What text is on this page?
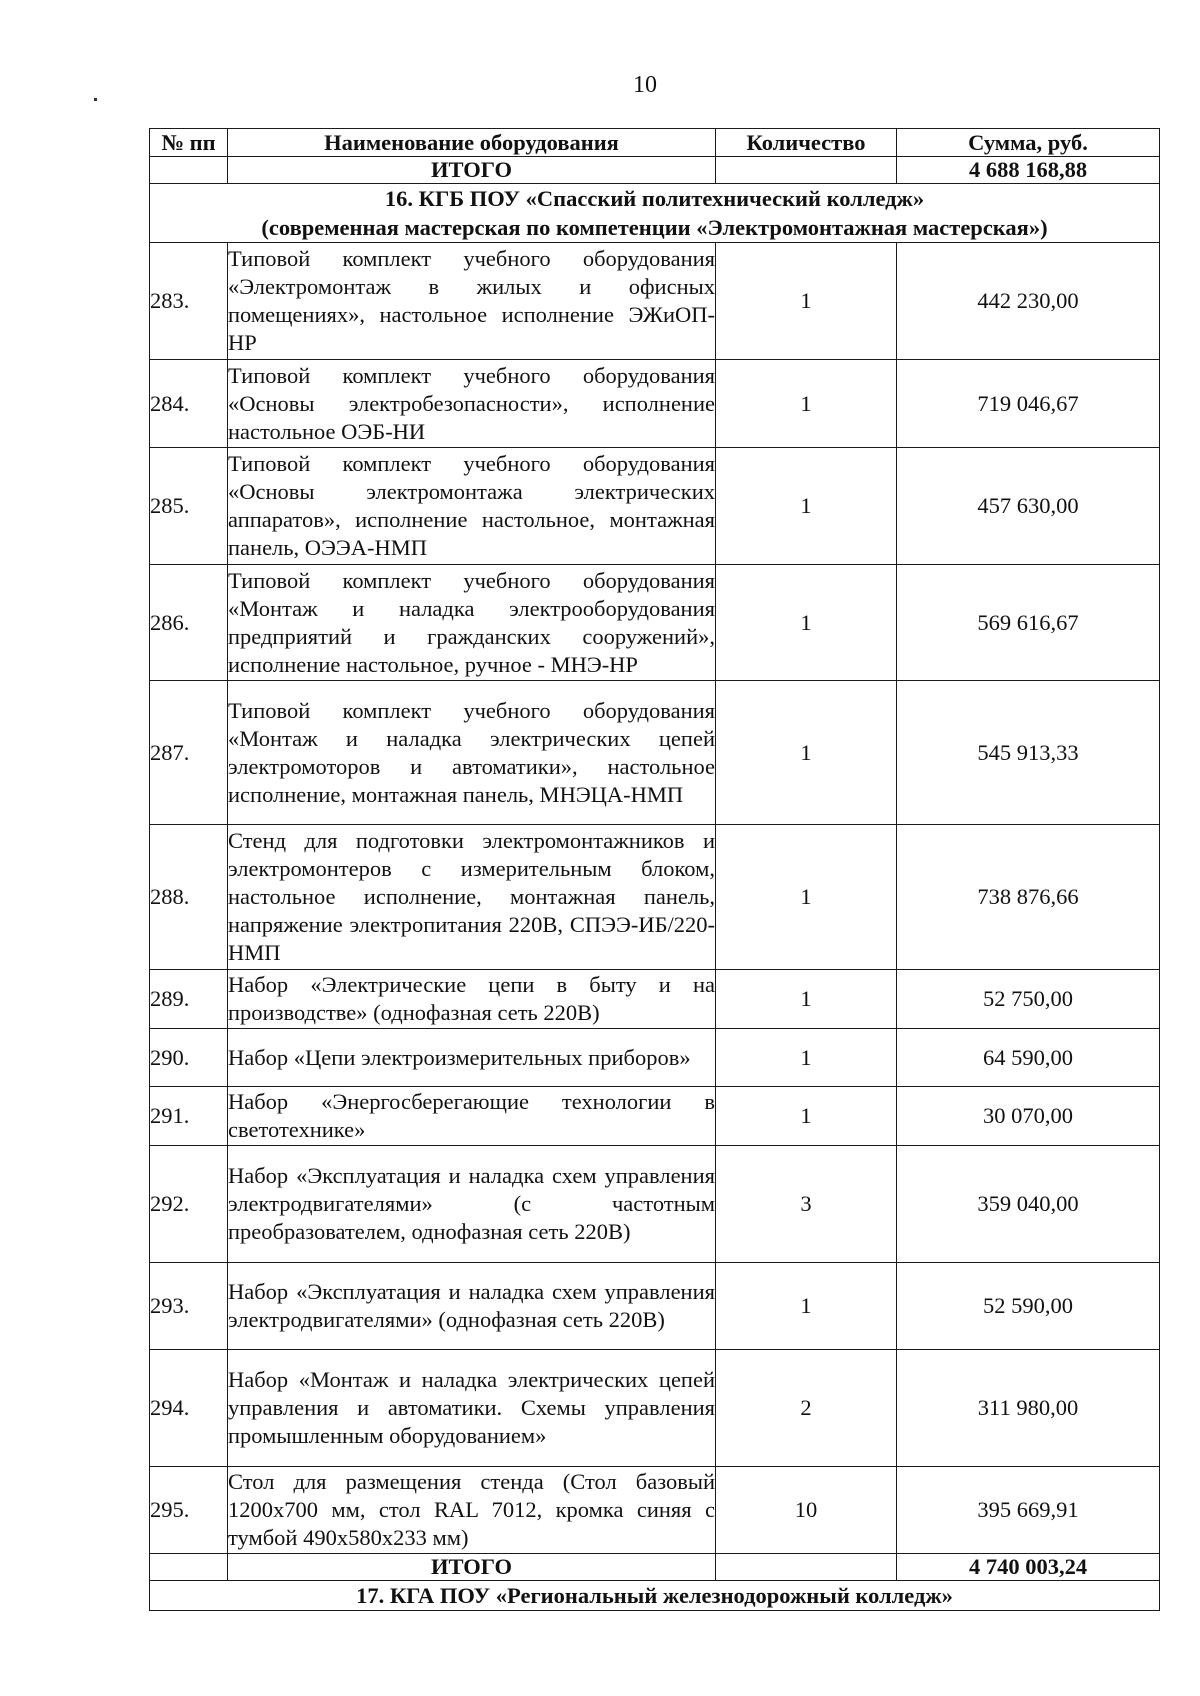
10
№ пп	Наименование оборудования	Количество	Сумма, руб.
	ИТОГО		4 688 168,88

16. КГБ ПОУ «Спасский политехнический колледж»
(современная мастерская по компетенции «Электромонтажная мастерская»)			

283.	Типовой комплект учебного оборудования «Электромонтаж в жилых и офисных помещениях», настольное исполнение ЭЖиОП-НР	1	442 230,00
284.	Типовой комплект учебного оборудования «Основы электробезопасности», исполнение настольное ОЭБ-НИ	1	719 046,67
285.	Типовой комплект учебного оборудования «Основы электромонтажа электрических аппаратов», исполнение настольное, монтажная панель, ОЭЭА-НМП	1	457 630,00
286.	Типовой комплект учебного оборудования «Монтаж и наладка электрооборудования предприятий и гражданских сооружений», исполнение настольное, ручное - МНЭ-НР	1	569 616,67
287.	Типовой комплект учебного оборудования «Монтаж и наладка электрических цепей электромоторов и автоматики», настольное исполнение, монтажная панель, МНЭЦА-НМП	1	545 913,33
288.	Стенд для подготовки электромонтажников и электромонтеров с измерительным блоком, настольное исполнение, монтажная панель, напряжение электропитания 220В, СПЭЭ-ИБ/220-НМП	1	738 876,66
289.	Набор «Электрические цепи в быту и на производстве» (однофазная сеть 220В)	1	52 750,00
290.	Набор «Цепи электроизмерительных приборов»	1	64 590,00
291.	Набор «Энергосберегающие технологии в светотехнике»	1	30 070,00
292.	Набор «Эксплуатация и наладка схем управления электродвигателями» (с частотным преобразователем, однофазная сеть 220В)	3	359 040,00
293.	Набор «Эксплуатация и наладка схем управления электродвигателями» (однофазная сеть 220В)	1	52 590,00
294.	Набор «Монтаж и наладка электрических цепей управления и автоматики. Схемы управления промышленным оборудованием»	2	311 980,00
295.	Стол для размещения стенда (Стол базовый 1200х700 мм, стол RAL 7012, кромка синяя с тумбой 490х580х233 мм)	10	395 669,91
	ИТОГО		4 740 003,24
17. КГА ПОУ «Региональный железнодорожный колледж»			
